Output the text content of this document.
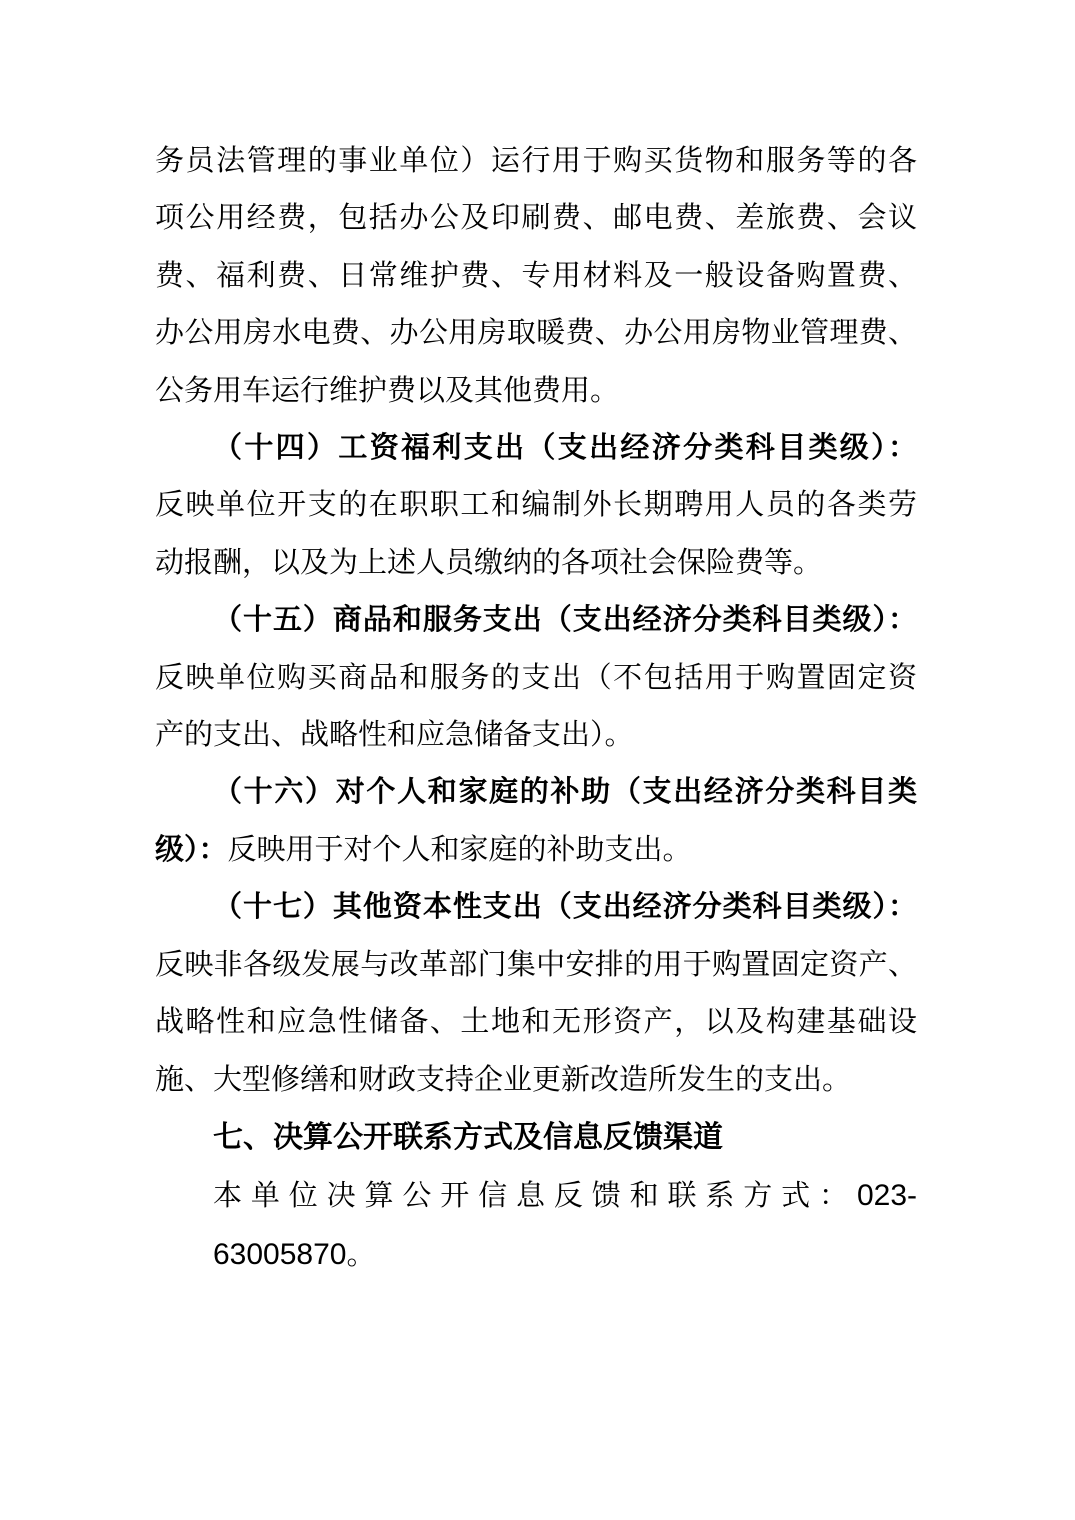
务员法管理的事业单位）运行用于购买货物和服务等的各
项公用经费，包括办公及印刷费、邮电费、差旅费、会议
费、福利费、日常维护费、专用材料及一般设备购置费、
办公用房水电费、办公用房取暖费、办公用房物业管理费、
公务用车运行维护费以及其他费用。
（十四）工资福利支出（支出经济分类科目类级）：
反映单位开支的在职职工和编制外长期聘用人员的各类劳
动报酬，以及为上述人员缴纳的各项社会保险费等。
（十五）商品和服务支出（支出经济分类科目类级）：
反映单位购买商品和服务的支出（不包括用于购置固定资
产的支出、战略性和应急储备支出）。
（十六）对个人和家庭的补助（支出经济分类科目类
级）：反映用于对个人和家庭的补助支出。
（十七）其他资本性支出（支出经济分类科目类级）：
反映非各级发展与改革部门集中安排的用于购置固定资产、
战略性和应急性储备、土地和无形资产，以及构建基础设
施、大型修缮和财政支持企业更新改造所发生的支出。
七、决算公开联系方式及信息反馈渠道
本单位决算公开信息反馈和联系方式：023-63005870。
